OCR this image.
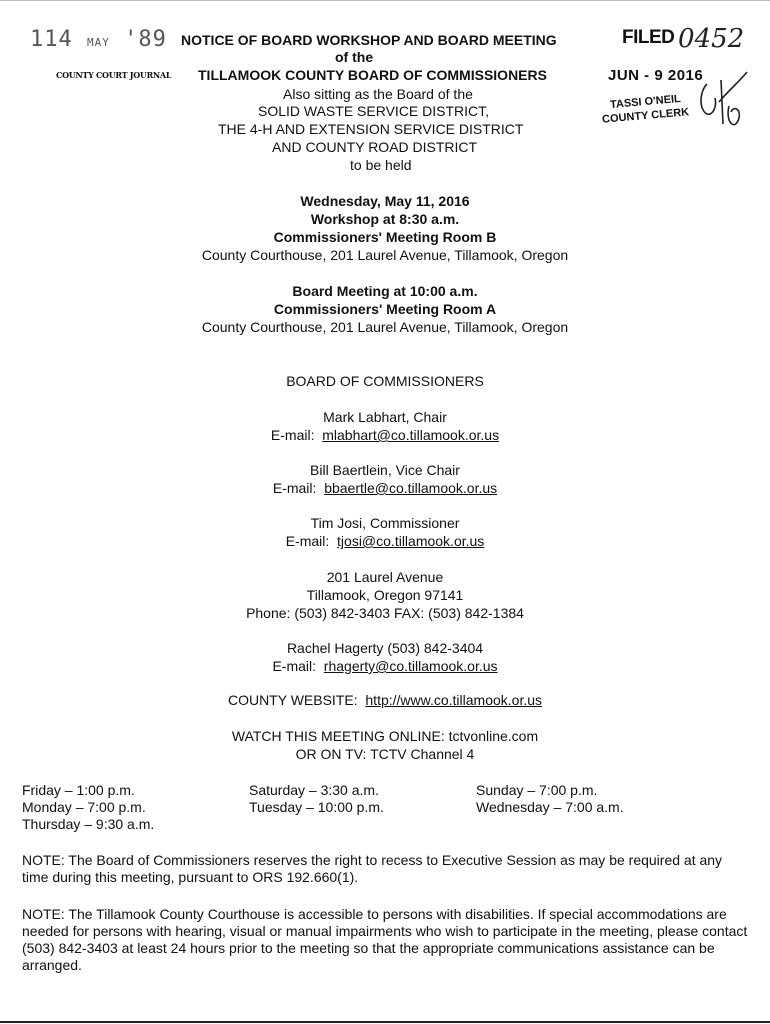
114 MAY '89
COUNTY COURT JOURNAL
FILED 0452
JUN - 9 2016
TASSI O'NEIL
COUNTY CLERK
NOTICE OF BOARD WORKSHOP AND BOARD MEETING
of the
TILLAMOOK COUNTY BOARD OF COMMISSIONERS
Also sitting as the Board of the
SOLID WASTE SERVICE DISTRICT,
THE 4-H AND EXTENSION SERVICE DISTRICT
AND COUNTY ROAD DISTRICT
to be held
Wednesday, May 11, 2016
Workshop at 8:30 a.m.
Commissioners' Meeting Room B
County Courthouse, 201 Laurel Avenue, Tillamook, Oregon
Board Meeting at 10:00 a.m.
Commissioners' Meeting Room A
County Courthouse, 201 Laurel Avenue, Tillamook, Oregon
BOARD OF COMMISSIONERS
Mark Labhart, Chair
E-mail: mlabhart@co.tillamook.or.us
Bill Baertlein, Vice Chair
E-mail: bbaertle@co.tillamook.or.us
Tim Josi, Commissioner
E-mail: tjosi@co.tillamook.or.us
201 Laurel Avenue
Tillamook, Oregon 97141
Phone: (503) 842-3403 FAX: (503) 842-1384
Rachel Hagerty (503) 842-3404
E-mail: rhagerty@co.tillamook.or.us
COUNTY WEBSITE: http://www.co.tillamook.or.us
WATCH THIS MEETING ONLINE: tctvonline.com
OR ON TV: TCTV Channel 4
Friday – 1:00 p.m.
Monday – 7:00 p.m.
Thursday – 9:30 a.m.
Saturday – 3:30 a.m.
Tuesday – 10:00 p.m.
Sunday – 7:00 p.m.
Wednesday – 7:00 a.m.
NOTE: The Board of Commissioners reserves the right to recess to Executive Session as may be required at any time during this meeting, pursuant to ORS 192.660(1).
NOTE: The Tillamook County Courthouse is accessible to persons with disabilities. If special accommodations are needed for persons with hearing, visual or manual impairments who wish to participate in the meeting, please contact (503) 842-3403 at least 24 hours prior to the meeting so that the appropriate communications assistance can be arranged.
